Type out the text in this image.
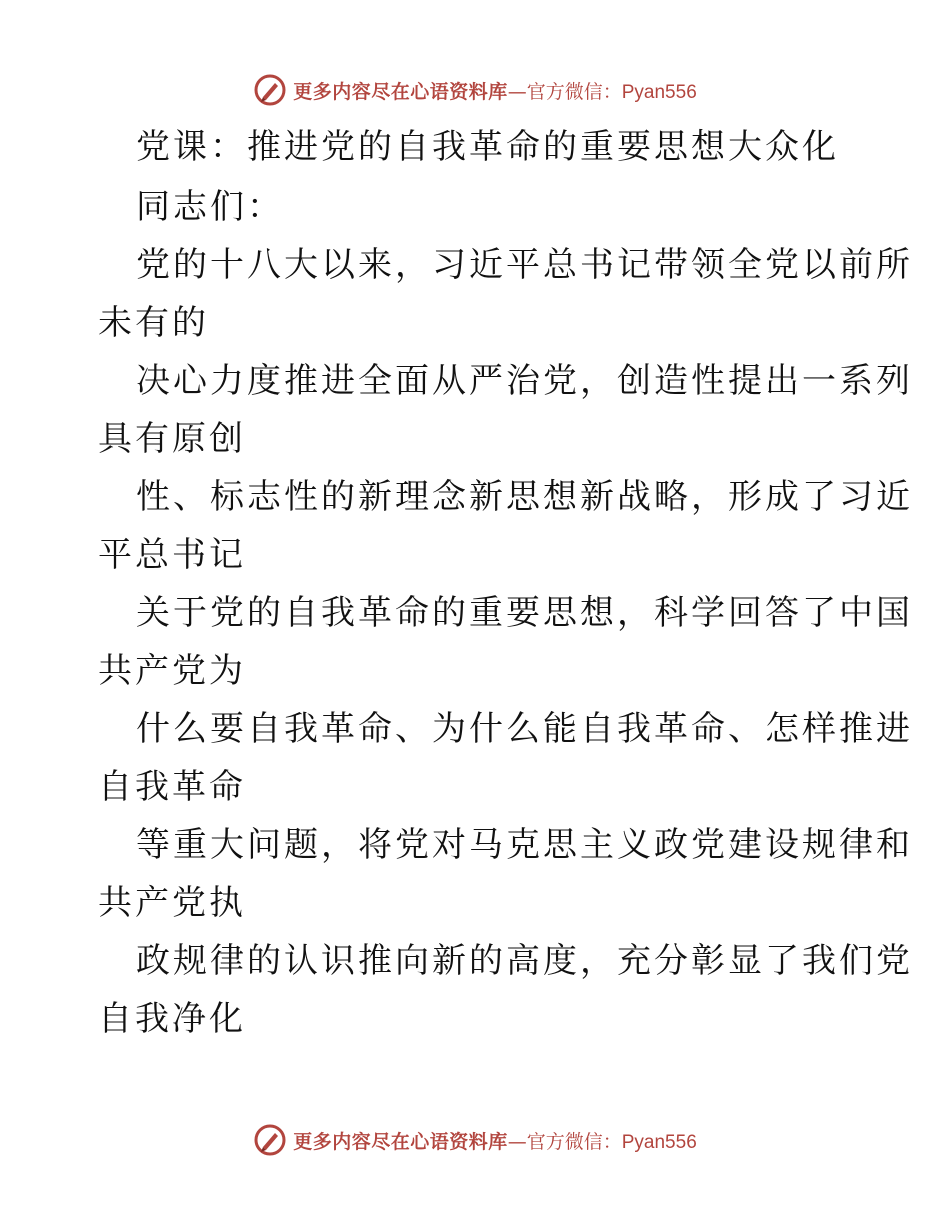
更多内容尽在心语资料库—官方微信：Pyan556
党课：推进党的自我革命的重要思想大众化
同志们：
党的十八大以来，习近平总书记带领全党以前所
未有的
决心力度推进全面从严治党，创造性提出一系列
具有原创
性、标志性的新理念新思想新战略，形成了习近
平总书记
关于党的自我革命的重要思想，科学回答了中国
共产党为
什么要自我革命、为什么能自我革命、怎样推进
自我革命
等重大问题，将党对马克思主义政党建设规律和
共产党执
政规律的认识推向新的高度，充分彰显了我们党
自我净化
更多内容尽在心语资料库—官方微信：Pyan556
